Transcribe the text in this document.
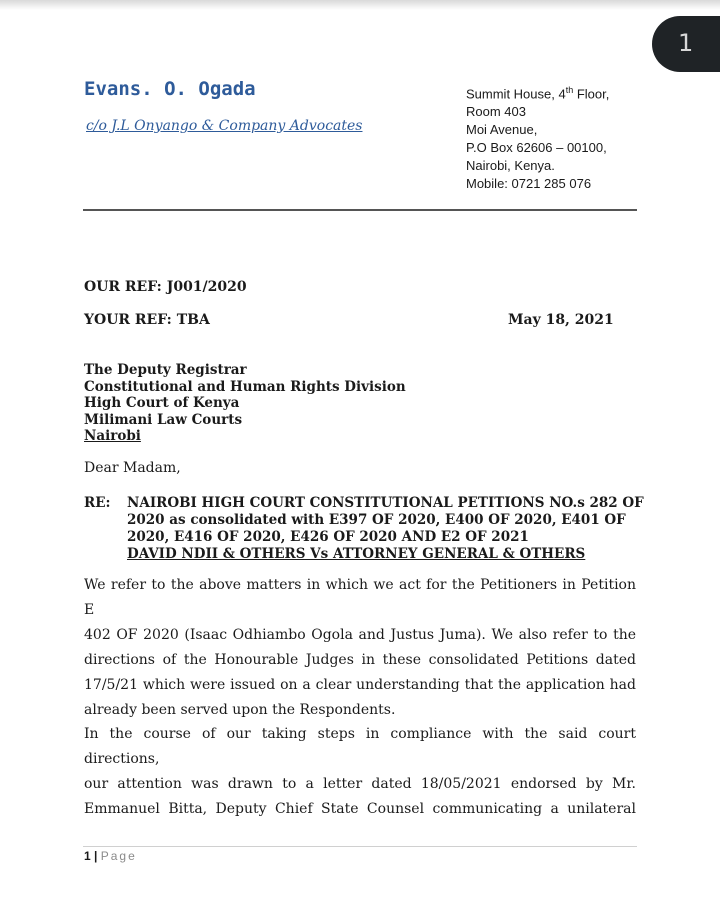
1
Evans. O. Ogada
c/o J.L Onyango & Company Advocates
Summit House, 4th Floor,
Room 403
Moi Avenue,
P.O Box 62606 – 00100,
Nairobi, Kenya.
Mobile: 0721 285 076
OUR REF: J001/2020
YOUR REF: TBA	May 18, 2021
The Deputy Registrar
Constitutional and Human Rights Division
High Court of Kenya
Milimani Law Courts
Nairobi
Dear Madam,
RE: NAIROBI HIGH COURT CONSTITUTIONAL PETITIONS NO.s 282 OF
2020 as consolidated with E397 OF 2020, E400 OF 2020, E401 OF
2020, E416 OF 2020, E426 OF 2020 AND E2 OF 2021
DAVID NDII & OTHERS Vs ATTORNEY GENERAL & OTHERS
We refer to the above matters in which we act for the Petitioners in Petition E
402 OF 2020 (Isaac Odhiambo Ogola and Justus Juma). We also refer to the
directions of the Honourable Judges in these consolidated Petitions dated
17/5/21 which were issued on a clear understanding that the application had
already been served upon the Respondents.
In the course of our taking steps in compliance with the said court directions,
our attention was drawn to a letter dated 18/05/2021 endorsed by Mr.
Emmanuel Bitta, Deputy Chief State Counsel communicating a unilateral
1 | Page
